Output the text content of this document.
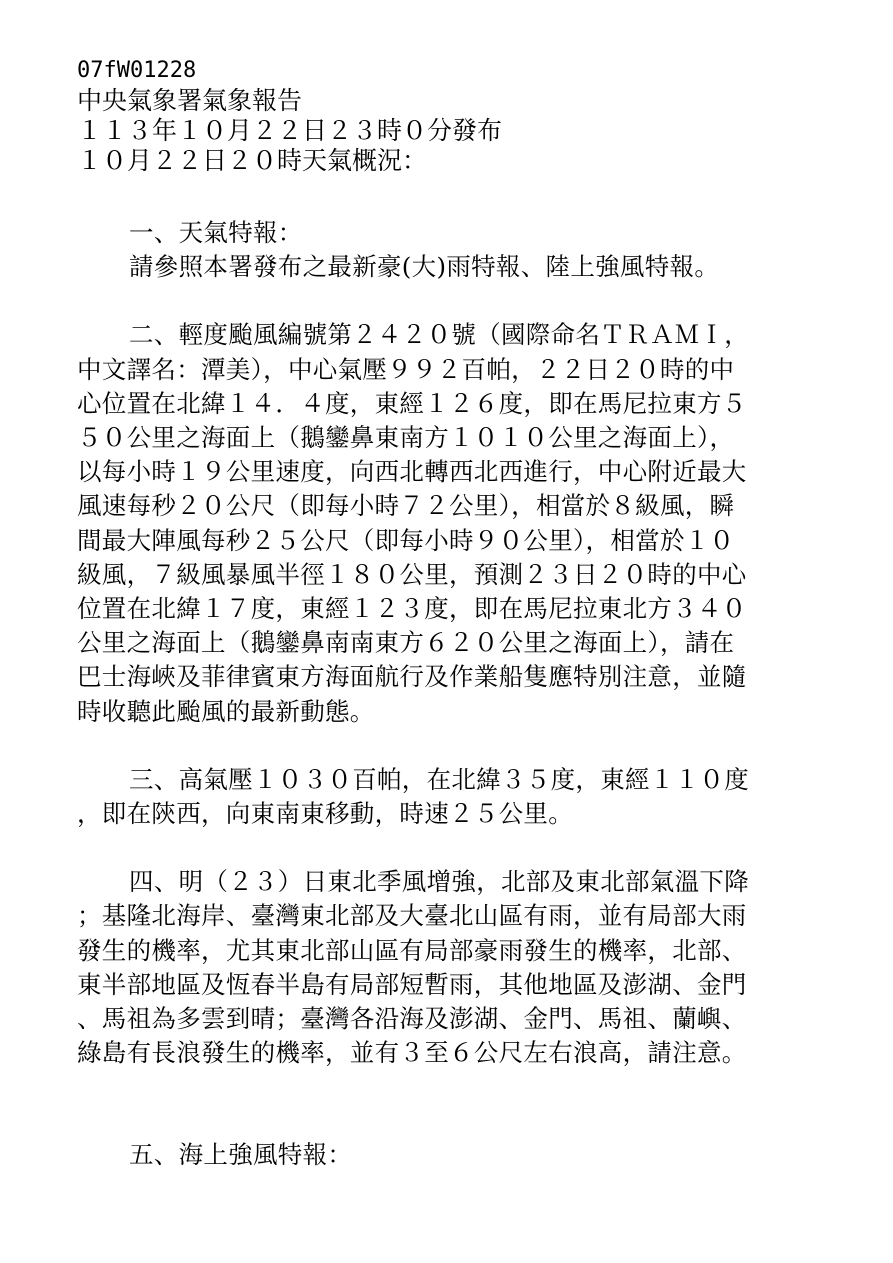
07fW01228
中央氣象署氣象報告
１１３年１０月２２日２３時０分發布
１０月２２日２０時天氣概況：
一、天氣特報：
請參照本署發布之最新豪(大)雨特報、陸上強風特報。
二、輕度颱風編號第２４２０號（國際命名ＴＲＡＭＩ，
中文譯名：潭美），中心氣壓９９２百帕，２２日２０時的中
心位置在北緯１４．４度，東經１２６度，即在馬尼拉東方５
５０公里之海面上（鵝鑾鼻東南方１０１０公里之海面上），
以每小時１９公里速度，向西北轉西北西進行，中心附近最大
風速每秒２０公尺（即每小時７２公里），相當於８級風，瞬
間最大陣風每秒２５公尺（即每小時９０公里），相當於１０
級風，７級風暴風半徑１８０公里，預測２３日２０時的中心
位置在北緯１７度，東經１２３度，即在馬尼拉東北方３４０
公里之海面上（鵝鑾鼻南南東方６２０公里之海面上），請在
巴士海峽及菲律賓東方海面航行及作業船隻應特別注意，並隨
時收聽此颱風的最新動態。
三、高氣壓１０３０百帕，在北緯３５度，東經１１０度
，即在陝西，向東南東移動，時速２５公里。
四、明（２３）日東北季風增強，北部及東北部氣溫下降
；基隆北海岸、臺灣東北部及大臺北山區有雨，並有局部大雨
發生的機率，尤其東北部山區有局部豪雨發生的機率，北部、
東半部地區及恆春半島有局部短暫雨，其他地區及澎湖、金門
、馬祖為多雲到晴；臺灣各沿海及澎湖、金門、馬祖、蘭嶼、
綠島有長浪發生的機率，並有３至６公尺左右浪高，請注意。
五、海上強風特報：
